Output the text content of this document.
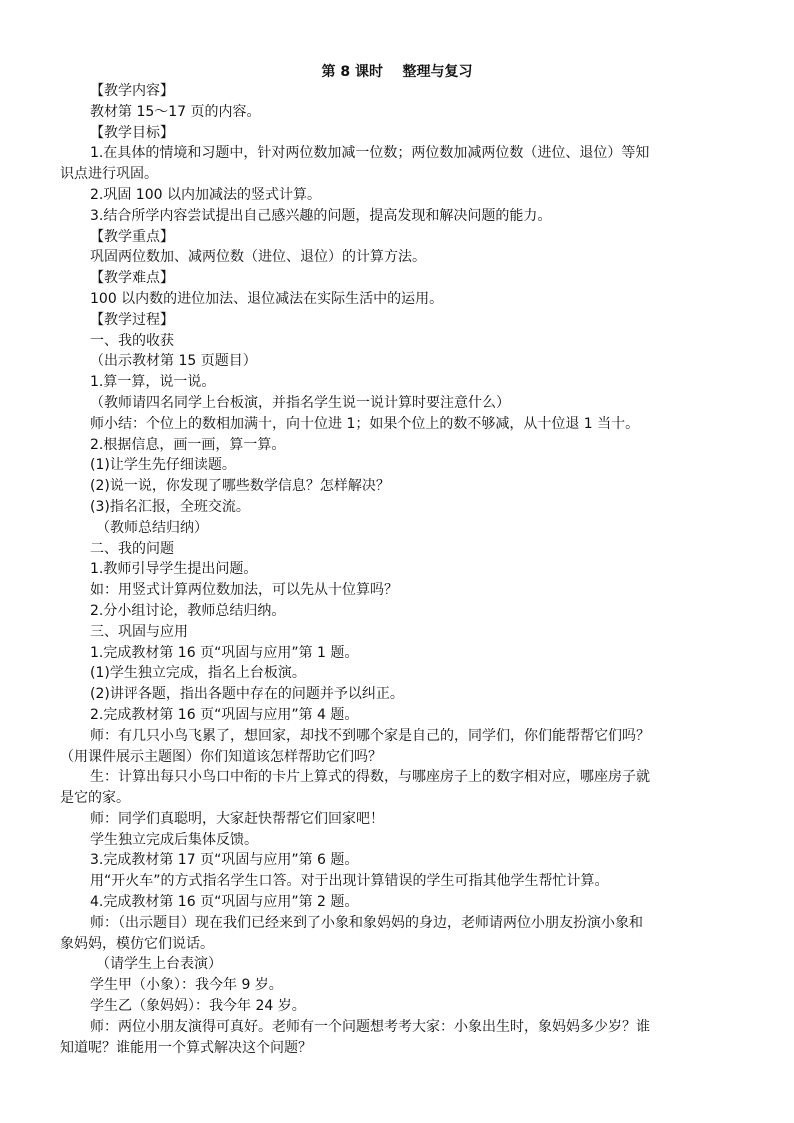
第 8 课时    整理与复习
【教学内容】
教材第 15～17 页的内容。
【教学目标】
1.在具体的情境和习题中，针对两位数加减一位数；两位数加减两位数（进位、退位）等知
识点进行巩固。
2.巩固 100 以内加减法的竖式计算。
3.结合所学内容尝试提出自己感兴趣的问题，提高发现和解决问题的能力。
【教学重点】
巩固两位数加、减两位数（进位、退位）的计算方法。
【教学难点】
100 以内数的进位加法、退位减法在实际生活中的运用。
【教学过程】
一、我的收获
（出示教材第 15 页题目）
1.算一算，说一说。
（教师请四名同学上台板演，并指名学生说一说计算时要注意什么）
师小结：个位上的数相加满十，向十位进 1；如果个位上的数不够减，从十位退 1 当十。
2.根据信息，画一画，算一算。
(1)让学生先仔细读题。
(2)说一说，你发现了哪些数学信息？怎样解决？
(3)指名汇报，全班交流。
（教师总结归纳）
二、我的问题
1.教师引导学生提出问题。
如：用竖式计算两位数加法，可以先从十位算吗？
2.分小组讨论，教师总结归纳。
三、巩固与应用
1.完成教材第 16 页“巩固与应用”第 1 题。
(1)学生独立完成，指名上台板演。
(2)讲评各题，指出各题中存在的问题并予以纠正。
2.完成教材第 16 页“巩固与应用”第 4 题。
师：有几只小鸟飞累了，想回家，却找不到哪个家是自己的，同学们，你们能帮帮它们吗？
（用课件展示主题图）你们知道该怎样帮助它们吗？
生：计算出每只小鸟口中衔的卡片上算式的得数，与哪座房子上的数字相对应，哪座房子就
是它的家。
师：同学们真聪明，大家赶快帮帮它们回家吧！
学生独立完成后集体反馈。
3.完成教材第 17 页“巩固与应用”第 6 题。
用“开火车”的方式指名学生口答。对于出现计算错误的学生可指其他学生帮忙计算。
4.完成教材第 16 页“巩固与应用”第 2 题。
师：（出示题目）现在我们已经来到了小象和象妈妈的身边，老师请两位小朋友扮演小象和
象妈妈，模仿它们说话。
（请学生上台表演）
学生甲（小象）：我今年 9 岁。
学生乙（象妈妈）：我今年 24 岁。
师：两位小朋友演得可真好。老师有一个问题想考考大家：小象出生时，象妈妈多少岁？谁
知道呢？谁能用一个算式解决这个问题？
